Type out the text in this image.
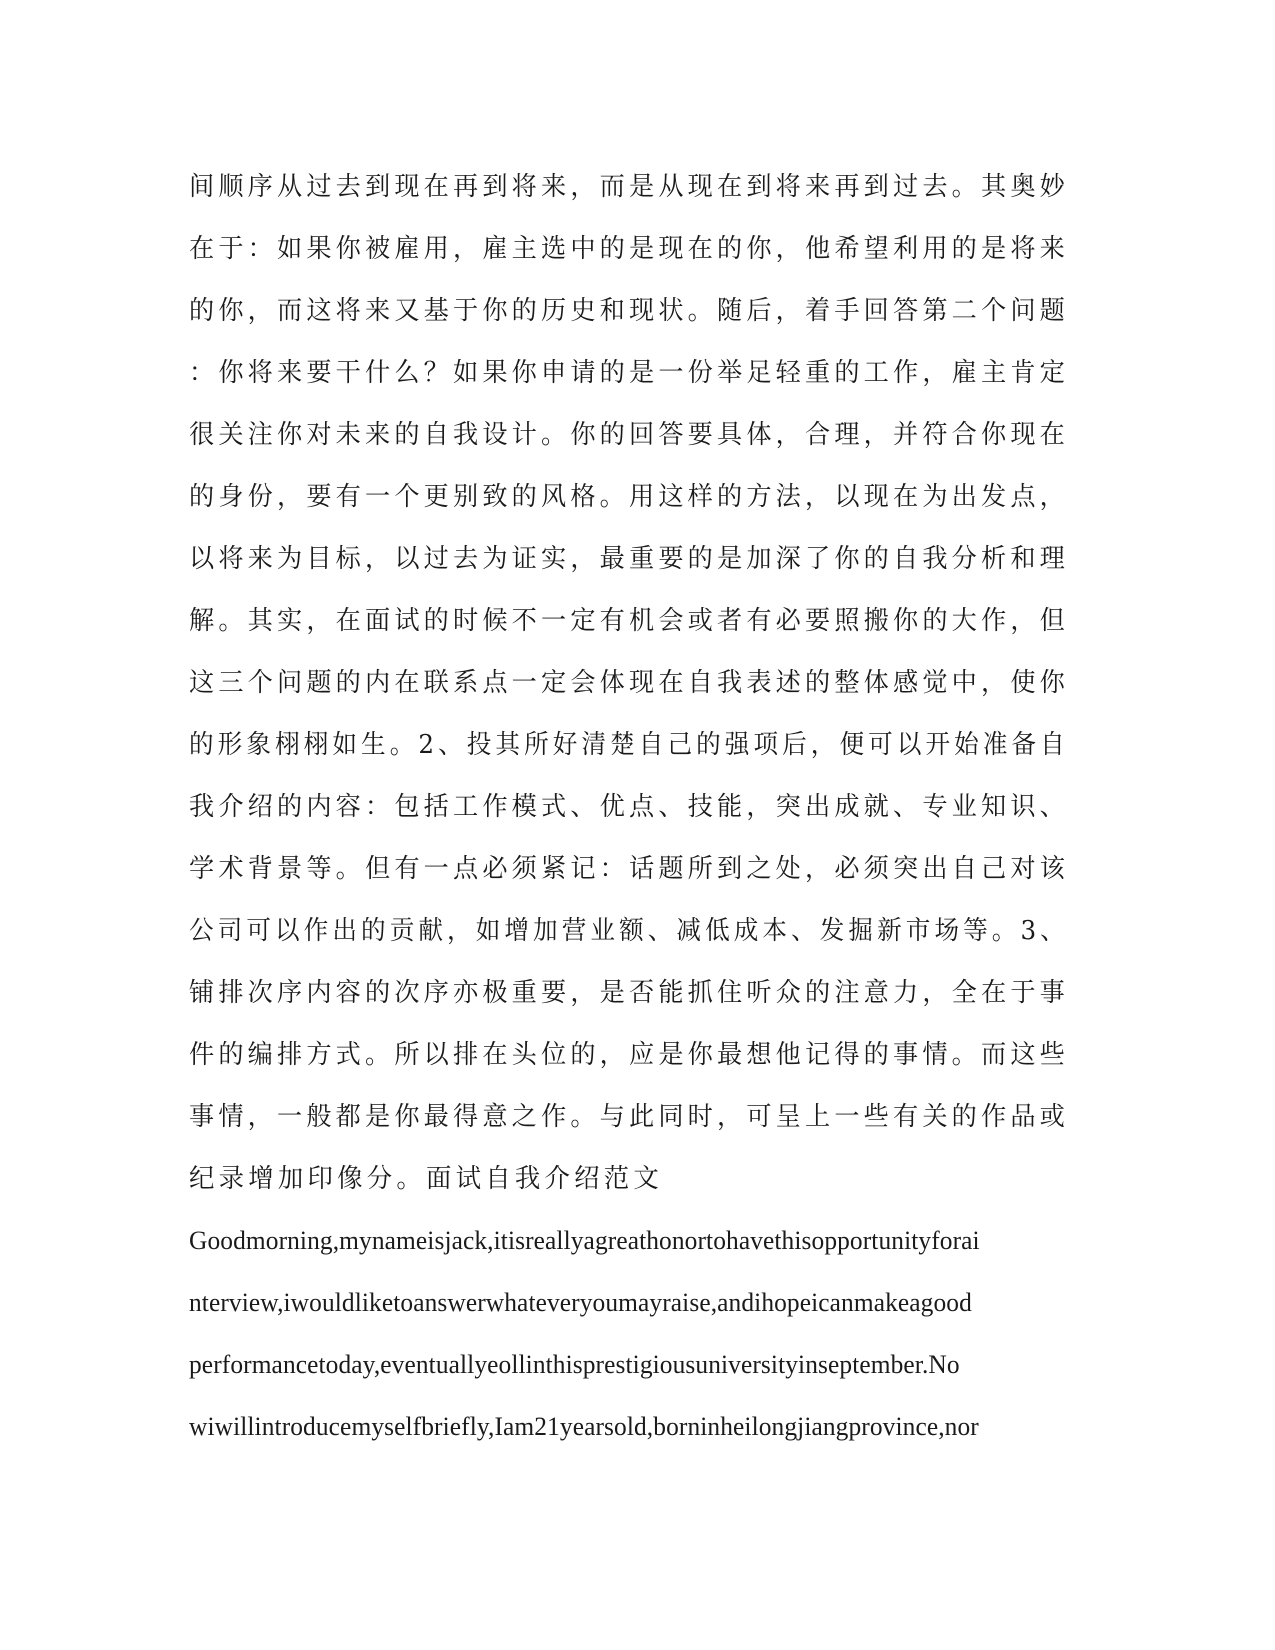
间顺序从过去到现在再到将来，而是从现在到将来再到过去。其奥妙
在于：如果你被雇用，雇主选中的是现在的你，他希望利用的是将来
的你，而这将来又基于你的历史和现状。随后，着手回答第二个问题
：你将来要干什么？如果你申请的是一份举足轻重的工作，雇主肯定
很关注你对未来的自我设计。你的回答要具体，合理，并符合你现在
的身份，要有一个更别致的风格。用这样的方法，以现在为出发点，
以将来为目标，以过去为证实，最重要的是加深了你的自我分析和理
解。其实，在面试的时候不一定有机会或者有必要照搬你的大作，但
这三个问题的内在联系点一定会体现在自我表述的整体感觉中，使你
的形象栩栩如生。2、投其所好清楚自己的强项后，便可以开始准备自
我介绍的内容：包括工作模式、优点、技能，突出成就、专业知识、
学术背景等。但有一点必须紧记：话题所到之处，必须突出自己对该
公司可以作出的贡献，如增加营业额、减低成本、发掘新市场等。3、
铺排次序内容的次序亦极重要，是否能抓住听众的注意力，全在于事
件的编排方式。所以排在头位的，应是你最想他记得的事情。而这些
事情，一般都是你最得意之作。与此同时，可呈上一些有关的作品或
纪录增加印像分。面试自我介绍范文
Goodmorning,mynameisjack,itisreallyagreathonortohavethisopportunityforai
nterview,iwouldliketoanswerwhateveryoumayraise,andihopeicanmakeagood
performancetoday,eventuallyeollinthisprestigiousuniversityinseptember.No
wiwillintroducemyselfbriefly,Iam21yearsold,borninheilongjiangprovince,nor
